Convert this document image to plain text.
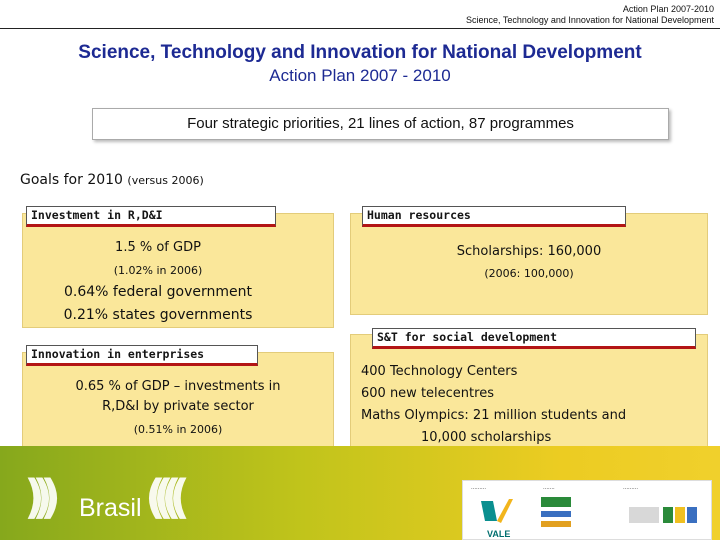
Action Plan 2007-2010
Science, Technology and Innovation for National Development
Science, Technology and Innovation for National Development
Action Plan 2007 - 2010
Four strategic priorities, 21 lines of action, 87 programmes
Goals for 2010 (versus 2006)
1.5 % of GDP
(1.02% in 2006)
0.64% federal government
0.21% states governments
Investment in R,D&I
0.65 % of GDP – investments in
R,D&I by private sector
(0.51% in 2006)
Innovation in enterprises
Scholarships: 160,000
(2006: 100,000)
Human resources
400 Technology Centers
600 new telecentres
Maths Olympics: 21 million students and
10,000 scholarships
S&T for social development
))) Brasil ((((	.........	.......	.........
VALE
